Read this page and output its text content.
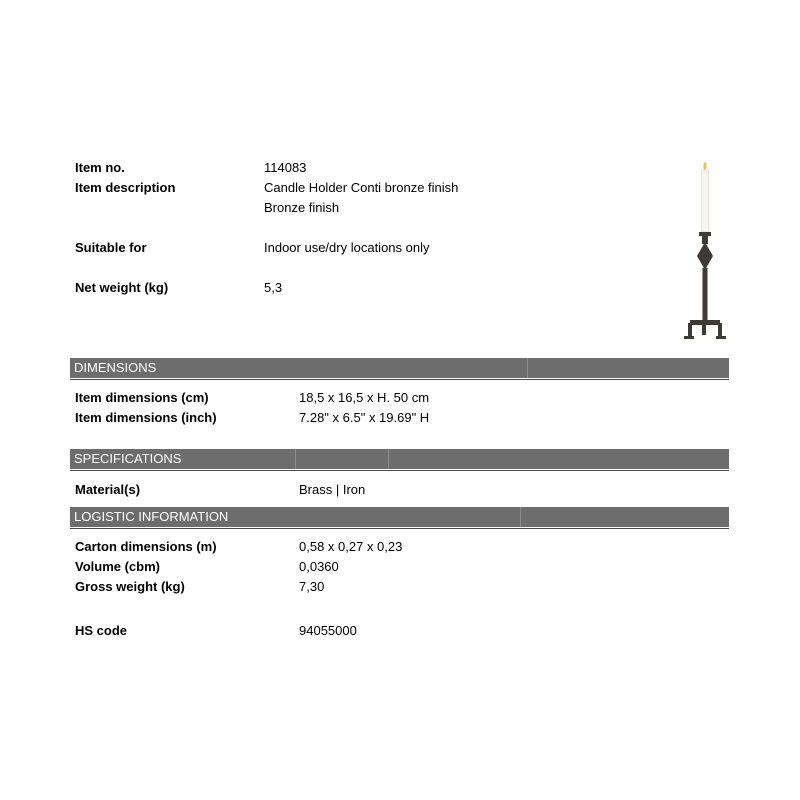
Item no.	114083
Item description	Candle Holder Conti bronze finish
Bronze finish
Suitable for	Indoor use/dry locations only
Net weight (kg)	5,3
DIMENSIONS
Item dimensions (cm)	18,5 x 16,5 x H. 50 cm
Item dimensions (inch)	7.28" x 6.5" x 19.69" H
SPECIFICATIONS
Material(s)	Brass | Iron
LOGISTIC INFORMATION
Carton dimensions (m)	0,58 x 0,27 x 0,23
Volume (cbm)	0,0360
Gross weight (kg)	7,30
HS code	94055000
